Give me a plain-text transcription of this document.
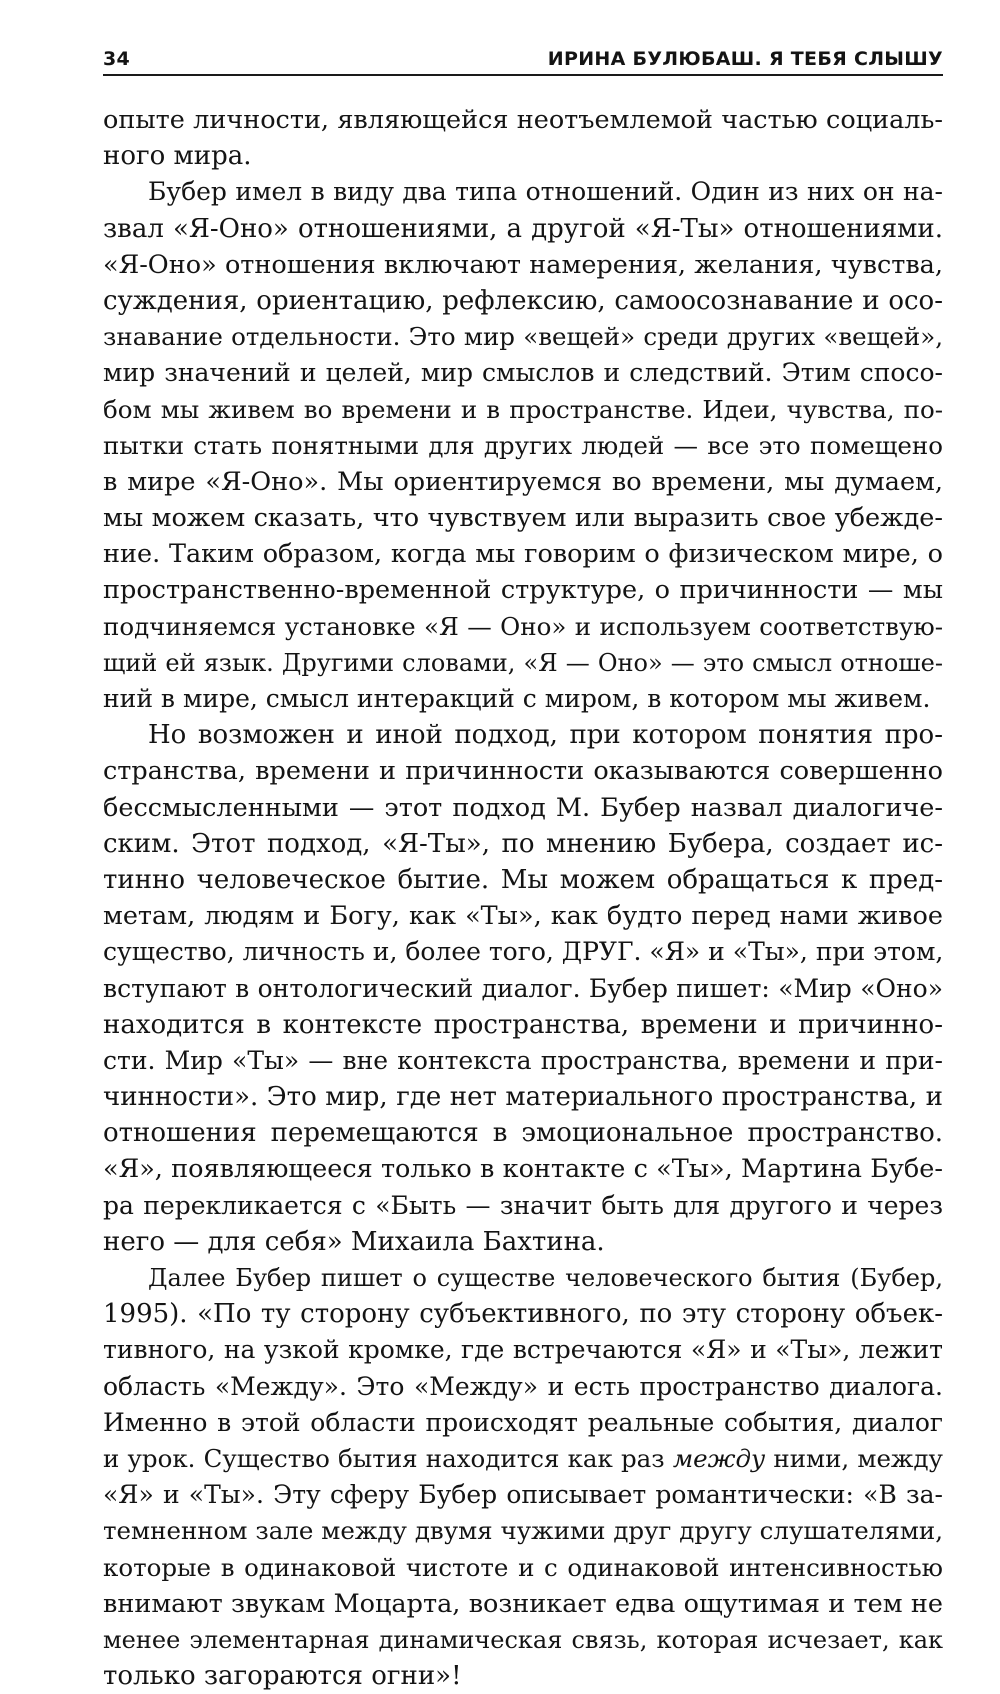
34	ИРИНА БУЛЮБАШ. Я ТЕБЯ СЛЫШУ
опыте личности, являющейся неотъемлемой частью социаль-
ного мира.
Бубер имел в виду два типа отношений. Один из них он на-
звал «Я-Оно» отношениями, а другой «Я-Ты» отношениями.
«Я-Оно» отношения включают намерения, желания, чувства,
суждения, ориентацию, рефлексию, самоосознавание и осо-
знавание отдельности. Это мир «вещей» среди других «вещей»,
мир значений и целей, мир смыслов и следствий. Этим спосо-
бом мы живем во времени и в пространстве. Идеи, чувства, по-
пытки стать понятными для других людей — все это помещено
в мире «Я-Оно». Мы ориентируемся во времени, мы думаем,
мы можем сказать, что чувствуем или выразить свое убежде-
ние. Таким образом, когда мы говорим о физическом мире, о
пространственно-временной структуре, о причинности — мы
подчиняемся установке «Я — Оно» и используем соответствую-
щий ей язык. Другими словами, «Я — Оно» — это смысл отноше-
ний в мире, смысл интеракций с миром, в котором мы живем.
Но возможен и иной подход, при котором понятия про-
странства, времени и причинности оказываются совершенно
бессмысленными — этот подход М. Бубер назвал диалогиче-
ским. Этот подход, «Я-Ты», по мнению Бубера, создает ис-
тинно человеческое бытие. Мы можем обращаться к пред-
метам, людям и Богу, как «Ты», как будто перед нами живое
существо, личность и, более того, ДРУГ. «Я» и «Ты», при этом,
вступают в онтологический диалог. Бубер пишет: «Мир «Оно»
находится в контексте пространства, времени и причинно-
сти. Мир «Ты» — вне контекста пространства, времени и при-
чинности». Это мир, где нет материального пространства, и
отношения перемещаются в эмоциональное пространство.
«Я», появляющееся только в контакте с «Ты», Мартина Бубе-
ра перекликается с «Быть — значит быть для другого и через
него — для себя» Михаила Бахтина.
Далее Бубер пишет о существе человеческого бытия (Бубер,
1995). «По ту сторону субъективного, по эту сторону объек-
тивного, на узкой кромке, где встречаются «Я» и «Ты», лежит
область «Между». Это «Между» и есть пространство диалога.
Именно в этой области происходят реальные события, диалог
и урок. Существо бытия находится как раз между ними, между
«Я» и «Ты». Эту сферу Бубер описывает романтически: «В за-
темненном зале между двумя чужими друг другу слушателями,
которые в одинаковой чистоте и с одинаковой интенсивностью
внимают звукам Моцарта, возникает едва ощутимая и тем не
менее элементарная динамическая связь, которая исчезает, как
только загораются огни»!
